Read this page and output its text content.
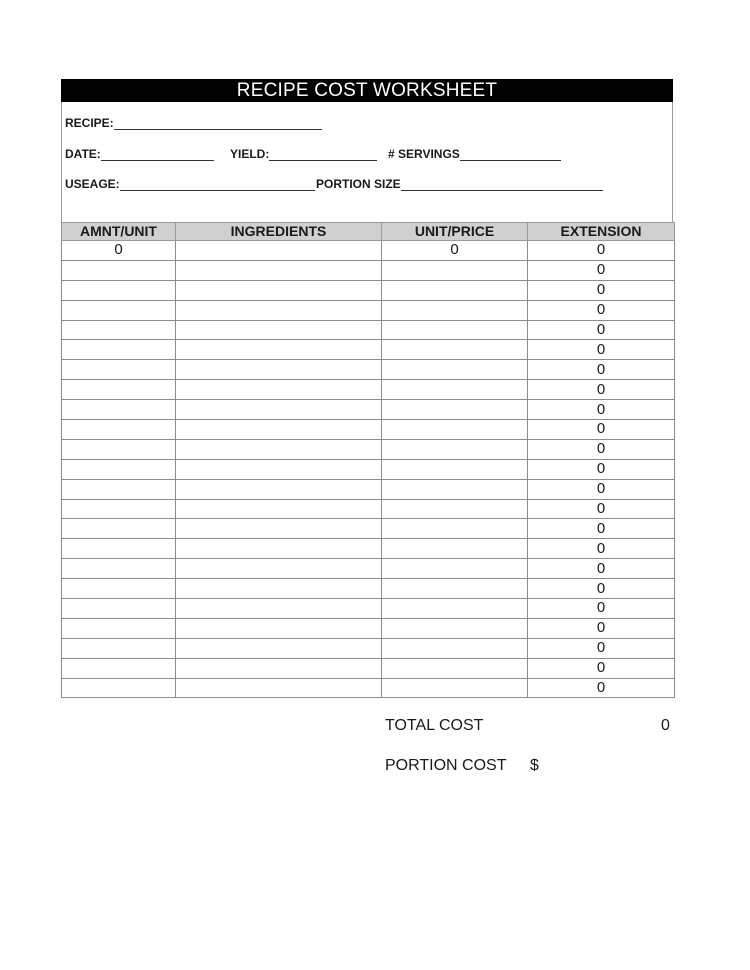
RECIPE COST WORKSHEET
RECIPE:
DATE:	YIELD:	# SERVINGS
USEAGE:	PORTION SIZE
AMNT/UNIT	INGREDIENTS	UNIT/PRICE	EXTENSION
0		0	0
			0
			0
			0
			0
			0
			0
			0
			0
			0
			0
			0
			0
			0
			0
			0
			0
			0
			0
			0
			0
			0
			0
TOTAL COST	0
PORTION COST $
